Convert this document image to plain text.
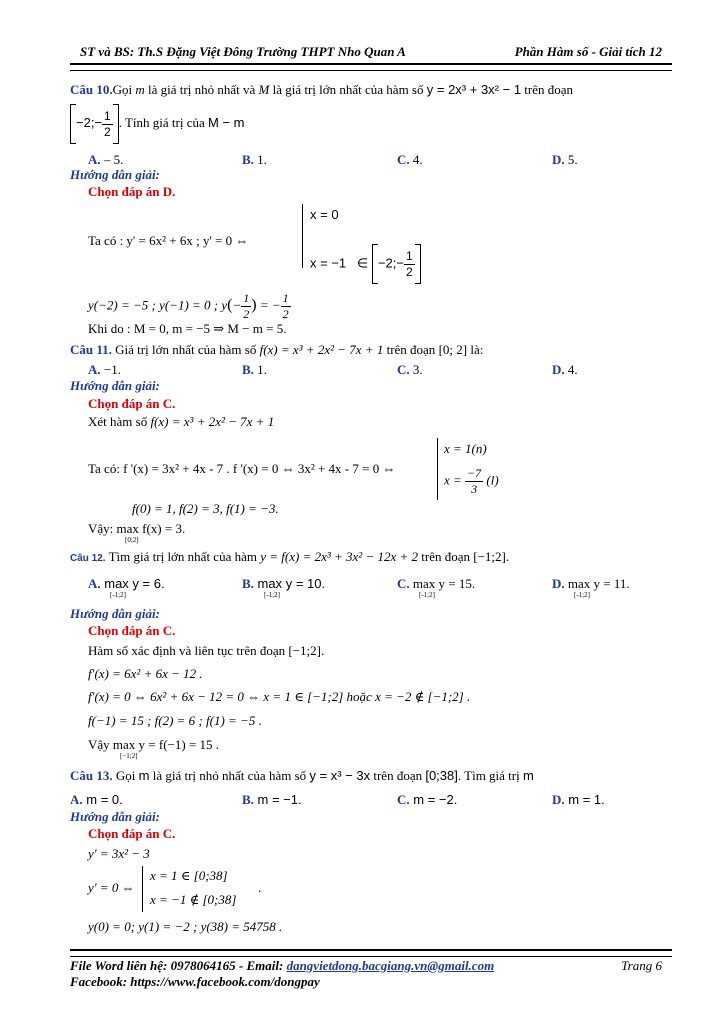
ST và BS: Th.S Đặng Việt Đông Trường THPT Nho Quan A	Phần Hàm số - Giải tích 12
Câu 10.Gọi m là giá trị nhỏ nhất và M là giá trị lớn nhất của hàm số y = 2x³ + 3x² − 1 trên đoạn
−2;− $\frac{1}{2}$ . Tính giá trị của M − m
A. – 5.	B. 1.	C. 4.	D. 5.
Hướng dẫn giải:
Chọn đáp án D.
Ta có : y' = 6x² + 6x ; y' = 0 ⇔
x = 0
x = −1 ∈ −2;− $\frac{1}{2}$
y(−2) = −5 ; y(−1) = 0 ; $y(- \frac{1}{2}$ ) = − $\frac{1}{2}$
Khi do : M = 0, m = −5 ⇒ M − m = 5.
Câu 11. Giá trị lớn nhất của hàm số f(x) = x³ + 2x² − 7x + 1 trên đoạn [0; 2] là:
A. −1.	B. 1.	C. 3.	D. 4.
Hướng dẫn giải:
Chọn đáp án C.
Xét hàm số f(x) = x³ + 2x² − 7x + 1
Ta có: f '(x) = 3x² + 4x - 7 . f '(x) = 0 ⇔ 3x² + 4x - 7 = 0 ⇔
x = 1(n)
$x = \frac{-7}{3} (l)$
f(0) = 1, f(2) = 3, f(1) = −3.
Vậy: max f(x) = 3.
[0;2]
Câu 12. Tìm giá trị lớn nhất của hàm y = f(x) = 2x³ + 3x² − 12x + 2 trên đoạn [−1;2].
A. max y = 6.
[-1;2]
B. max y = 10.
[-1;2]
C. max y = 15.
[-1;2]
D. max y = 11.
[-1;2]
Hướng dẫn giải:
Chọn đáp án C.
Hàm số xác định và liên tục trên đoạn [−1;2].
f′(x) = 6x² + 6x − 12 .
f′(x) = 0 ⇔ 6x² + 6x − 12 = 0 ⇔ x = 1 ∈ [−1;2] hoặc x = −2 ∉ [−1;2] .
f(−1) = 15 ; f(2) = 6 ; f(1) = −5 .
Vậy max y = f(−1) = 15 .
[−1;2]
Câu 13. Gọi m là giá trị nhỏ nhất của hàm số y = x³ − 3x trên đoạn [0;38]. Tìm giá trị m
A. m = 0.	B. m = −1.	C. m = −2.	D. m = 1.
Hướng dẫn giải:
Chọn đáp án C.
y' = 3x² − 3
y' = 0 ⇔
x = 1 ∈ [0;38]
x = −1 ∉ [0;38]
.
y(0) = 0; y(1) = −2 ; y(38) = 54758 .
File Word liên hệ: 0978064165 - Email: dangvietdong.bacgiang.vn@gmail.com
Facebook: https://www.facebook.com/dongpay
Trang 6
